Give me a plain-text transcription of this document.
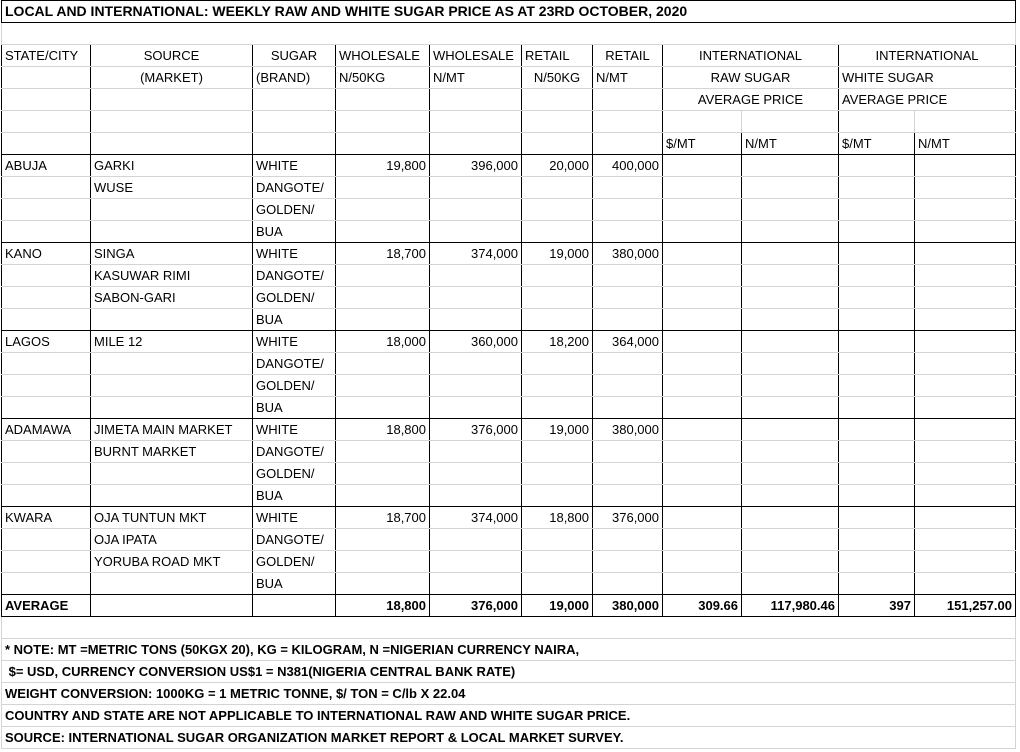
LOCAL AND INTERNATIONAL: WEEKLY RAW AND WHITE SUGAR PRICE AS AT 23RD OCTOBER, 2020										

STATE/CITY	SOURCE	SUGAR	WHOLESALE	WHOLESALE	RETAIL	RETAIL	INTERNATIONAL		INTERNATIONAL	
	(MARKET)	(BRAND)	N/50KG	N/MT	N/50KG	N/MT	RAW SUGAR		WHITE SUGAR	
							AVERAGE PRICE		AVERAGE PRICE	

							$/MT	N/MT	$/MT	N/MT
ABUJA	GARKI	WHITE	19,800	396,000	20,000	400,000				
	WUSE	DANGOTE/								
		GOLDEN/								
		BUA								
KANO	SINGA	WHITE	18,700	374,000	19,000	380,000				
	KASUWAR RIMI	DANGOTE/								
	SABON-GARI	GOLDEN/								
		BUA								
LAGOS	MILE 12	WHITE	18,000	360,000	18,200	364,000				
		DANGOTE/								
		GOLDEN/								
		BUA								
ADAMAWA	JIMETA MAIN MARKET	WHITE	18,800	376,000	19,000	380,000				
	BURNT MARKET	DANGOTE/								
		GOLDEN/								
		BUA								
KWARA	OJA TUNTUN MKT	WHITE	18,700	374,000	18,800	376,000				
	OJA IPATA	DANGOTE/								
	YORUBA ROAD MKT	GOLDEN/								
		BUA								
AVERAGE			18,800	376,000	19,000	380,000	309.66	117,980.46	397	151,257.00

* NOTE: MT =METRIC TONS (50KGX 20), KG = KILOGRAM, N =NIGERIAN CURRENCY NAIRA,										
$= USD, CURRENCY CONVERSION US$1 = N381(NIGERIA CENTRAL BANK RATE)										
WEIGHT CONVERSION: 1000KG = 1 METRIC TONNE, $/ TON = C/lb X 22.04										
COUNTRY AND STATE ARE NOT APPLICABLE TO INTERNATIONAL RAW AND WHITE SUGAR PRICE.										
SOURCE: INTERNATIONAL SUGAR ORGANIZATION MARKET REPORT & LOCAL MARKET SURVEY.										
